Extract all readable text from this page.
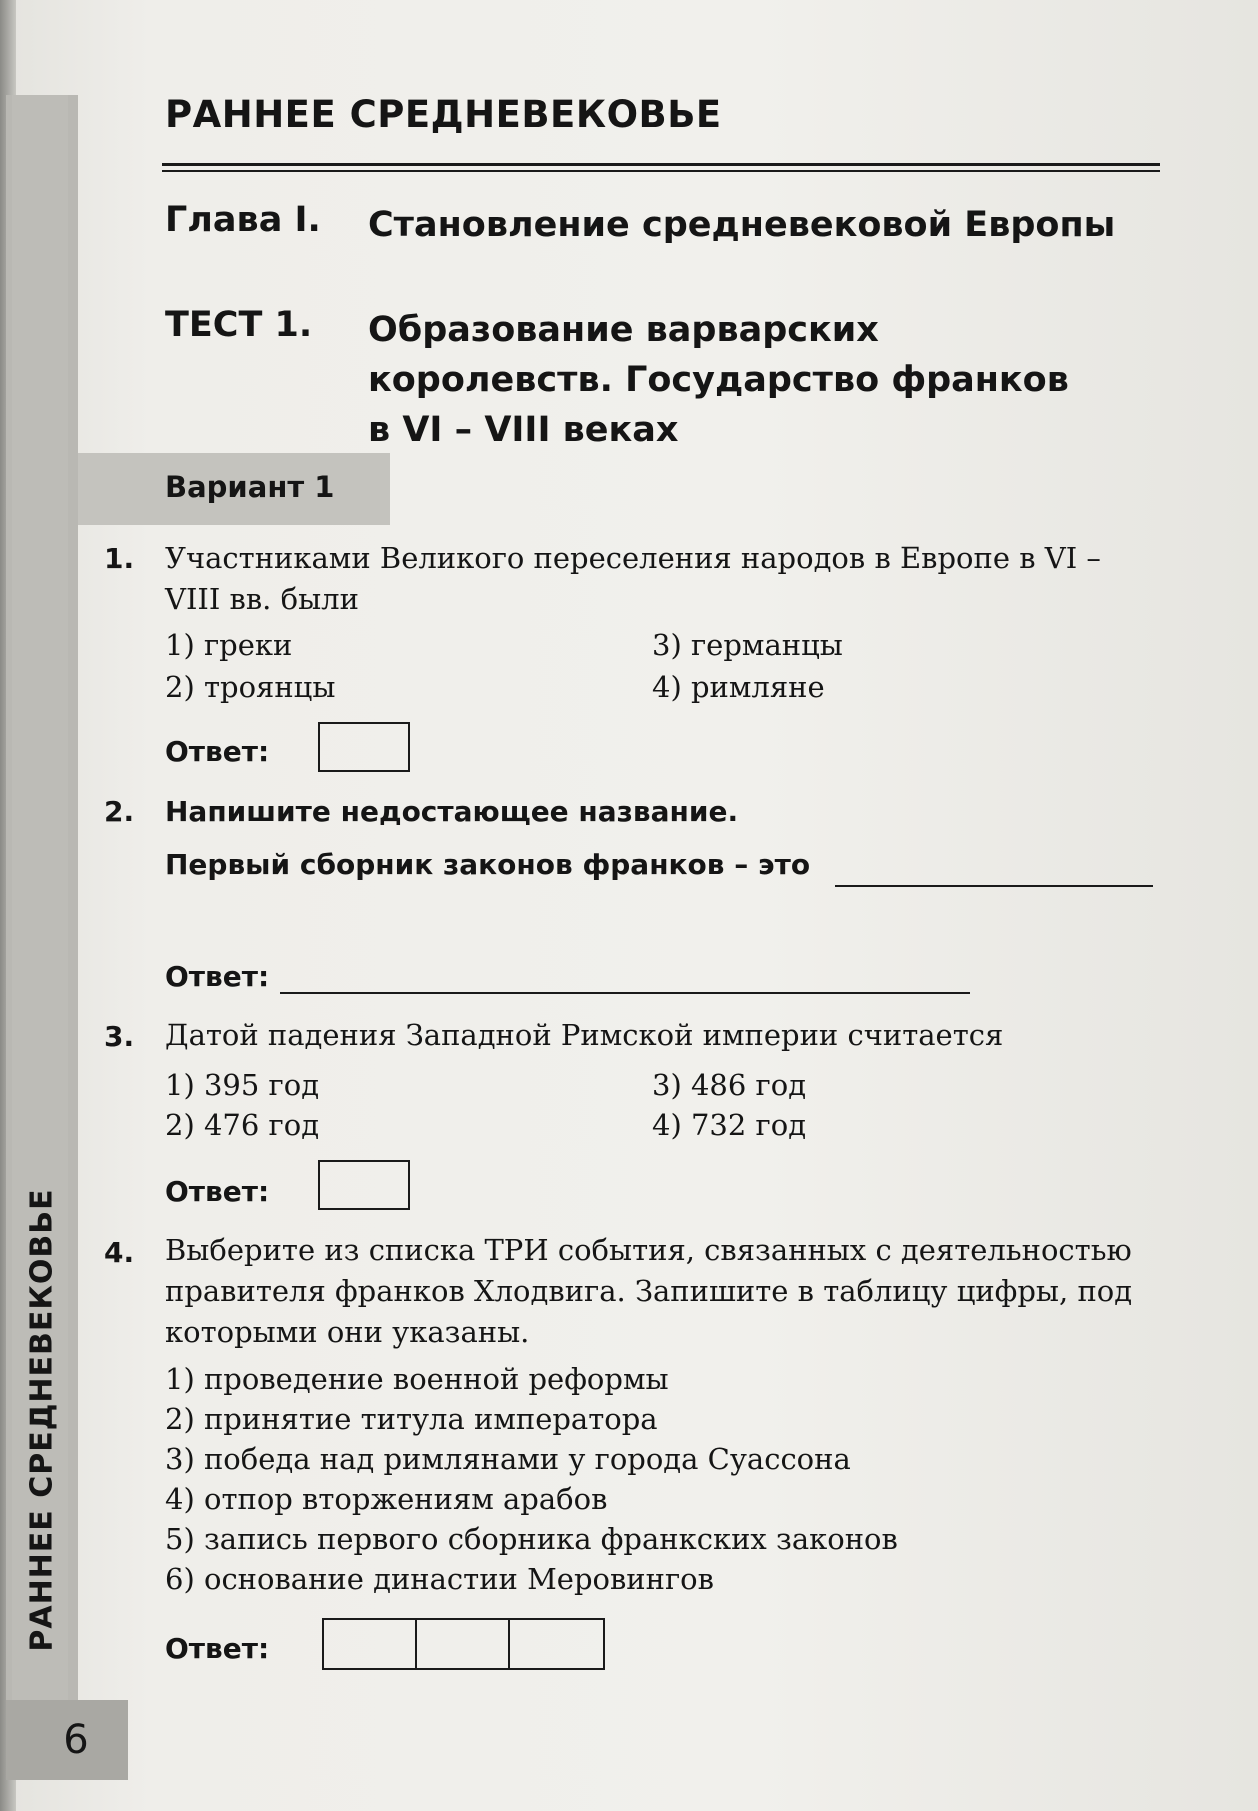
РАННЕЕ СРЕДНЕВЕКОВЬЕ
6
РАННЕЕ СРЕДНЕВЕКОВЬЕ
Глава I. Становление средневековой Европы
ТЕСТ 1. Образование варварских
королевств. Государство франков
в VI – VIII веках
Вариант 1
1. Участниками Великого переселения народов в Европе в VI – VIII вв. были
1) греки
2) троянцы
3) германцы
4) римляне
Ответ:
2. Напишите недостающее название.
Первый сборник законов франков – это
Ответ:
3. Датой падения Западной Римской империи считается
1) 395 год
2) 476 год
3) 486 год
4) 732 год
Ответ:
4. Выберите из списка ТРИ события, связанных с деятельностью правителя франков Хлодвига. Запишите в таблицу цифры, под которыми они указаны.
1) проведение военной реформы
2) принятие титула императора
3) победа над римлянами у города Суассона
4) отпор вторжениям арабов
5) запись первого сборника франкских законов
6) основание династии Меровингов
Ответ:
